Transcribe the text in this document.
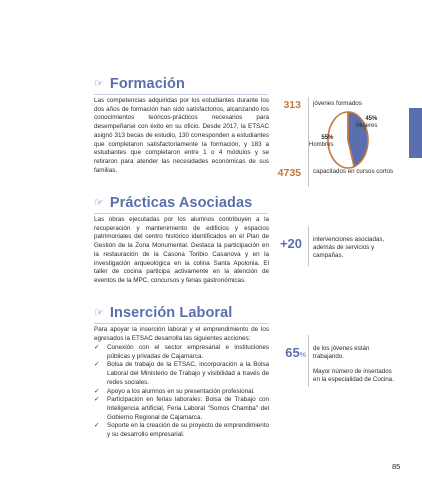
☞ Formación

Las competencias adquiridas por los estudiantes durante los dos años de formación han sido satisfactorios, alcanzando los conocimientos teóricos-prácticos necesarios para desempeñarse con éxito en su oficio. Desde 2017, la ETSAC asignó 313 becas de estudio, 130 corresponden a estudiantes que completaron satisfactoriamente la formación, y 183 a estudiantes que completaron entre 1 o 4 módulos y se retiraron para atender las necesidades económicas de sus familias.

313 jóvenes formados
45%
Mujeres
55%
Hombres
4735 capacitados en cursos cortos
☞ Prácticas Asociadas

Las obras ejecutadas por los alumnos contribuyen a la recuperación y mantenimiento de edificios y espacios patrimoniales del centro histórico identificados en el Plan de Gestión de la Zona Monumental. Destaca la participación en la restauración de la Casona Toribio Casanova y en la investigación arqueológica en la colina Santa Apolonia. El taller de cocina participa activamente en la atención de eventos de la MPC, concursos y ferias gastronómicas.

+20 intervenciones asociadas, además de servicios y campañas.
☞ Inserción Laboral

Para apoyar la inserción laboral y el emprendimiento de los egresados la ETSAC desarrolla las siguientes acciones:

✓ Conexión con el sector empresarial e instituciones públicas y privadas de Cajamarca.
✓ Bolsa de trabajo de la ETSAC, incorporación a la Bolsa Laboral del Ministerio de Trabajo y visibilidad a través de redes sociales.
✓ Apoyo a los alumnos en su presentación profesional.
✓ Participación en ferias laborales: Bolsa de Trabajo con Inteligencia artificial, Feria Laboral "Somos Chamba" del Gobierno Regional de Cajamarca.
✓ Soporte en la creación de su proyecto de emprendimiento y su desarrollo empresarial.
65%
de los jóvenes están trabajando.
Mayor número de insertados en la especialidad de Cocina.
85
